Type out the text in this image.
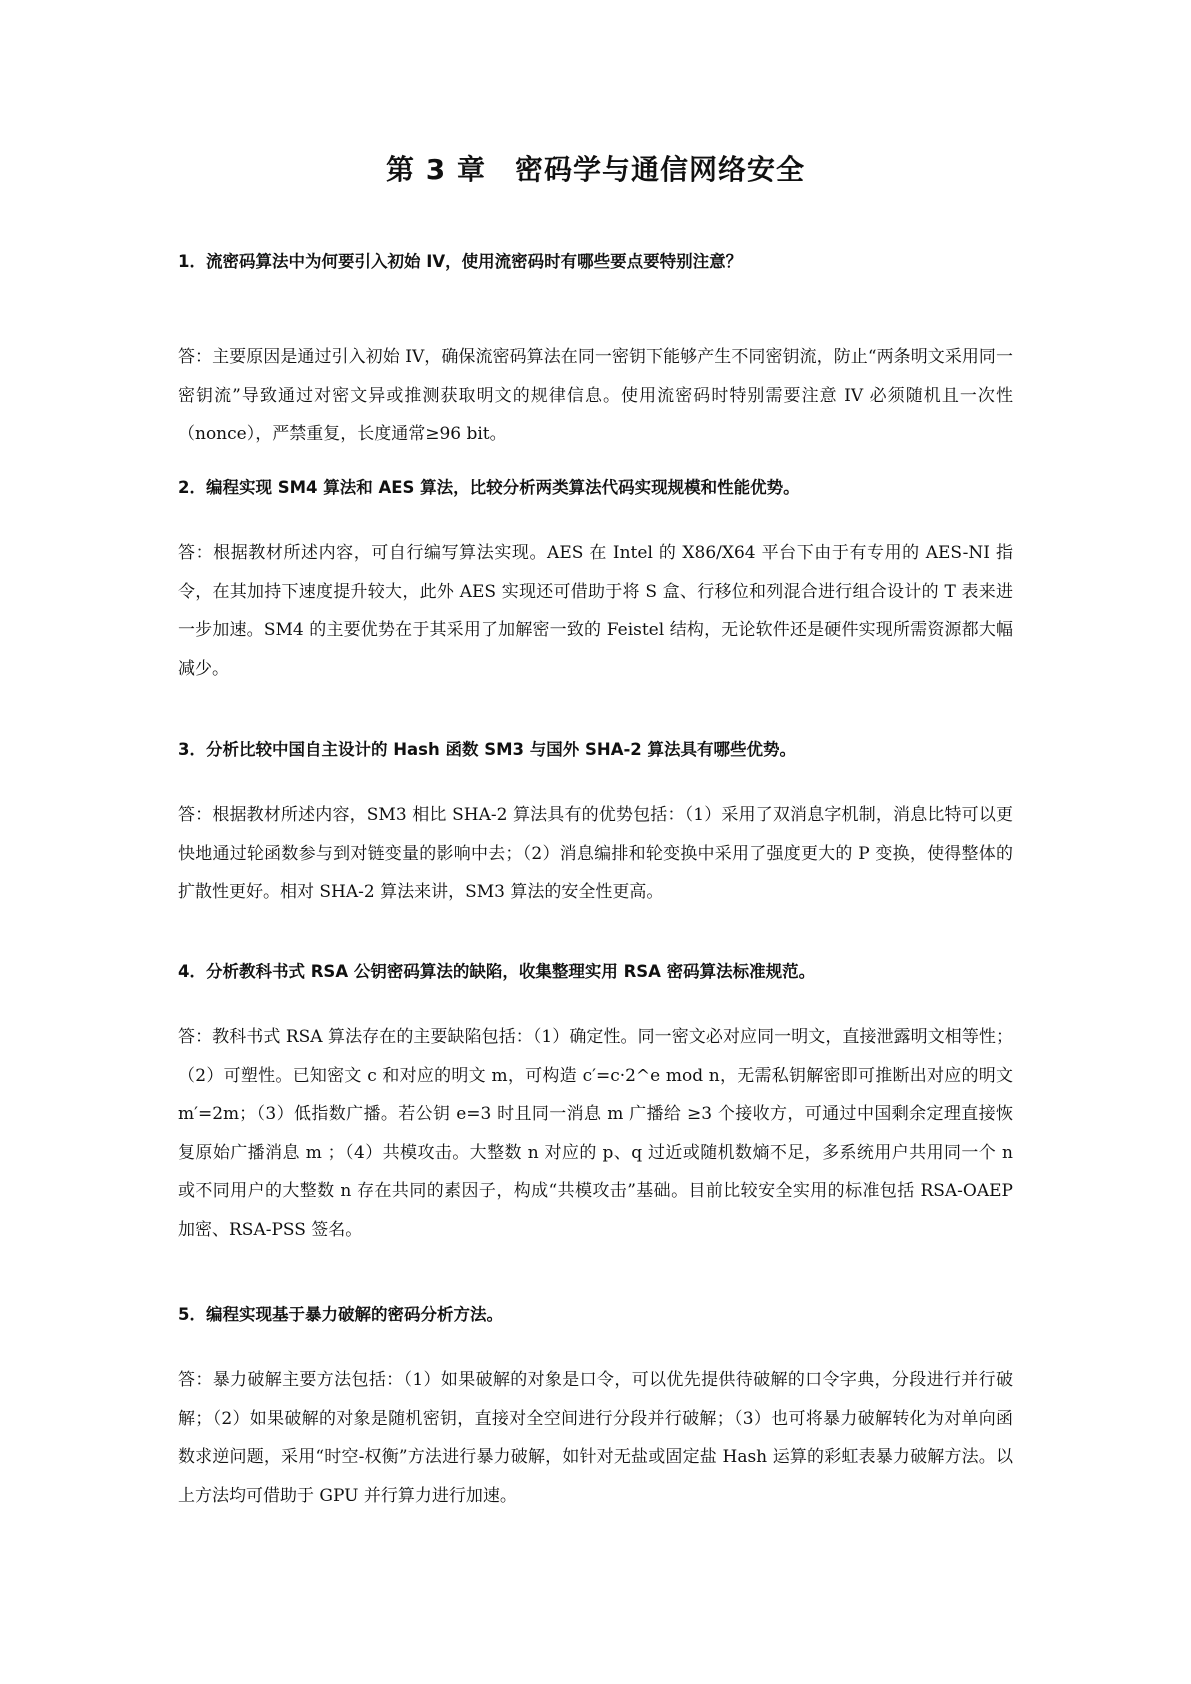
第 3 章　密码学与通信网络安全

1．流密码算法中为何要引入初始 IV，使用流密码时有哪些要点要特别注意？

答：主要原因是通过引入初始 IV，确保流密码算法在同一密钥下能够产生不同密钥流，防止“两条明文采用同一密钥流”导致通过对密文异或推测获取明文的规律信息。使用流密码时特别需要注意 IV 必须随机且一次性（nonce），严禁重复，长度通常≥96 bit。

2．编程实现 SM4 算法和 AES 算法，比较分析两类算法代码实现规模和性能优势。

答：根据教材所述内容，可自行编写算法实现。AES 在 Intel 的 X86/X64 平台下由于有专用的 AES-NI 指令，在其加持下速度提升较大，此外 AES 实现还可借助于将 S 盒、行移位和列混合进行组合设计的 T 表来进一步加速。SM4 的主要优势在于其采用了加解密一致的 Feistel 结构，无论软件还是硬件实现所需资源都大幅减少。

3．分析比较中国自主设计的 Hash 函数 SM3 与国外 SHA-2 算法具有哪些优势。

答：根据教材所述内容，SM3 相比 SHA-2 算法具有的优势包括：（1）采用了双消息字机制，消息比特可以更快地通过轮函数参与到对链变量的影响中去；（2）消息编排和轮变换中采用了强度更大的 P 变换，使得整体的扩散性更好。相对 SHA-2 算法来讲，SM3 算法的安全性更高。

4．分析教科书式 RSA 公钥密码算法的缺陷，收集整理实用 RSA 密码算法标准规范。

答：教科书式 RSA 算法存在的主要缺陷包括：（1）确定性。同一密文必对应同一明文，直接泄露明文相等性；（2）可塑性。已知密文 c 和对应的明文 m，可构造 c′=c·2^e mod n，无需私钥解密即可推断出对应的明文 m′=2m；（3）低指数广播。若公钥 e=3 时且同一消息 m 广播给 ≥3 个接收方，可通过中国剩余定理直接恢复原始广播消息 m ；（4）共模攻击。大整数 n 对应的 p、q 过近或随机数熵不足，多系统用户共用同一个 n 或不同用户的大整数 n 存在共同的素因子，构成“共模攻击”基础。目前比较安全实用的标准包括 RSA-OAEP 加密、RSA-PSS 签名。

5．编程实现基于暴力破解的密码分析方法。

答：暴力破解主要方法包括：（1）如果破解的对象是口令，可以优先提供待破解的口令字典，分段进行并行破解；（2）如果破解的对象是随机密钥，直接对全空间进行分段并行破解；（3）也可将暴力破解转化为对单向函数求逆问题，采用“时空-权衡”方法进行暴力破解，如针对无盐或固定盐 Hash 运算的彩虹表暴力破解方法。以上方法均可借助于 GPU 并行算力进行加速。
